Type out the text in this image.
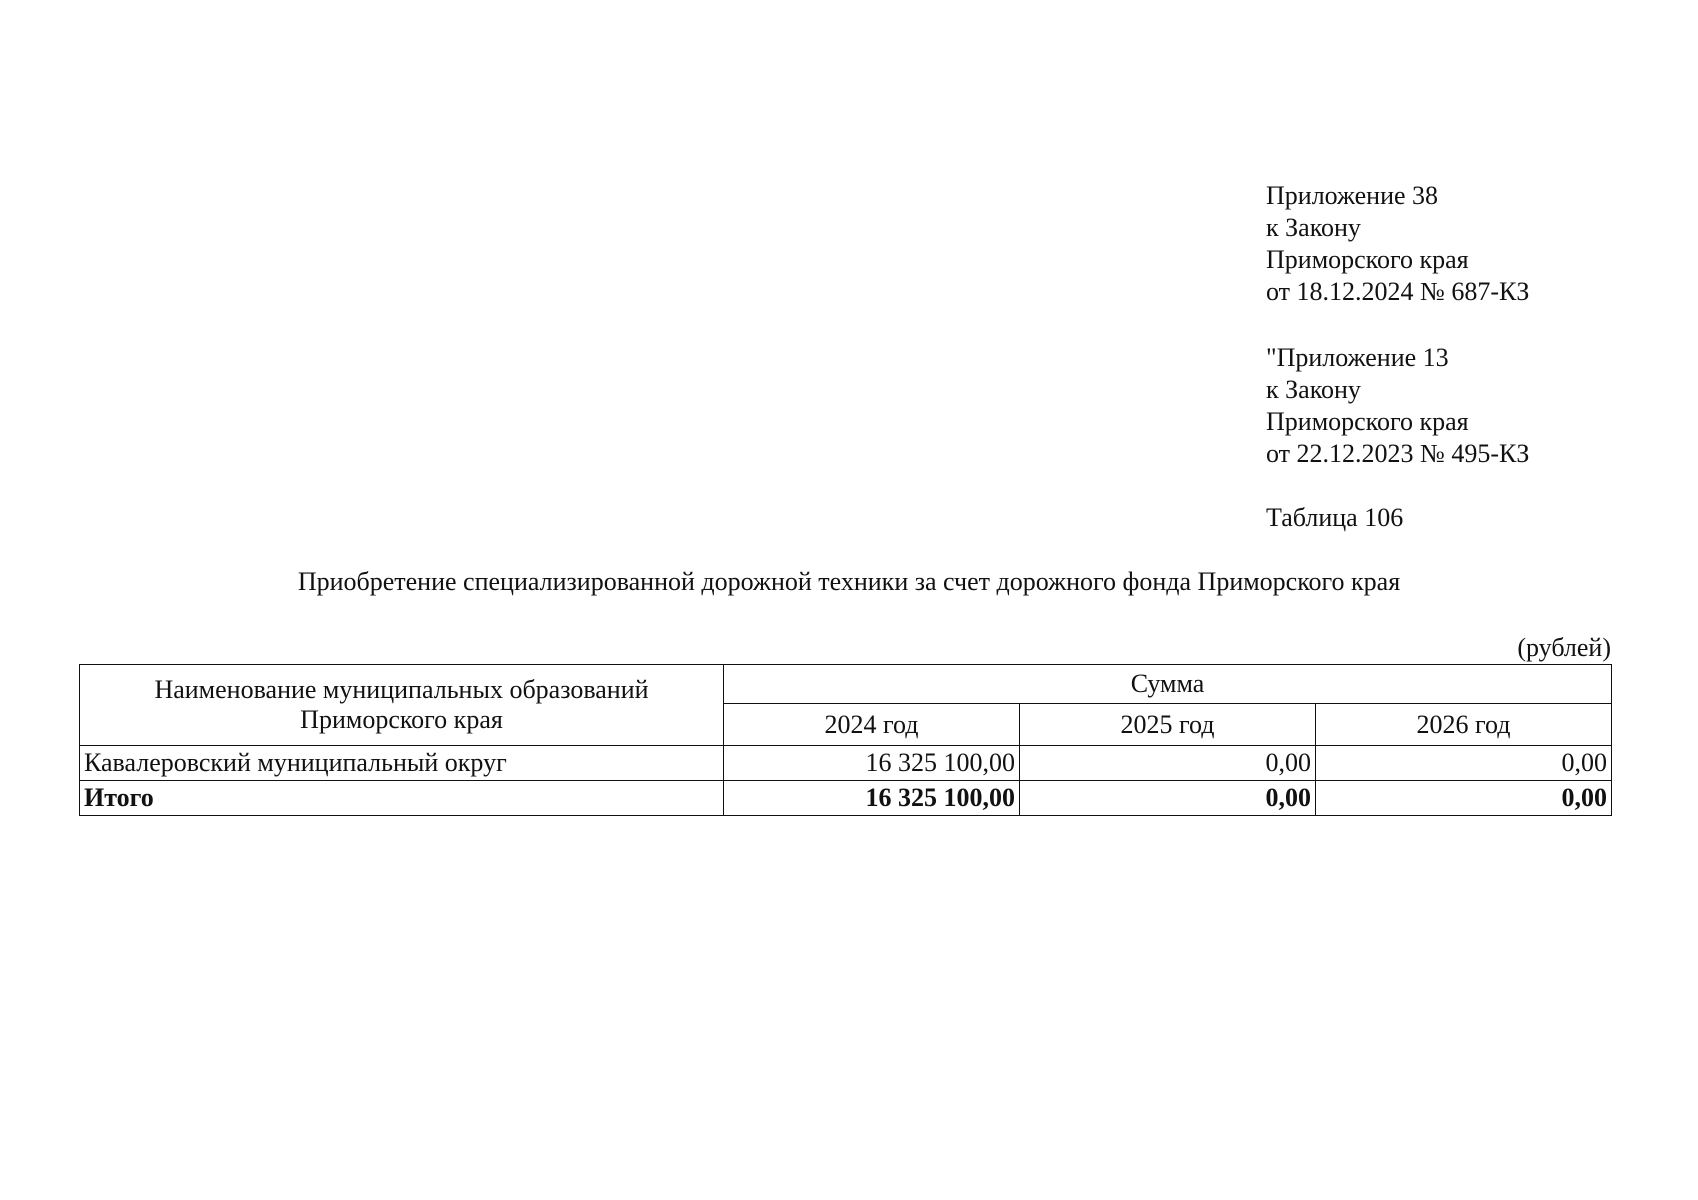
Приложение 38
к Закону
Приморского края
от 18.12.2024 № 687-КЗ
"Приложение 13
к Закону
Приморского края
от 22.12.2023 № 495-КЗ
Таблица 106
Приобретение специализированной дорожной техники за счет дорожного фонда Приморского края
(рублей)
Наименование муниципальных образований
Приморского края	Сумма		
	2024 год	2025 год	2026 год
Кавалеровский муниципальный округ	16 325 100,00	0,00	0,00
Итого	16 325 100,00	0,00	0,00
